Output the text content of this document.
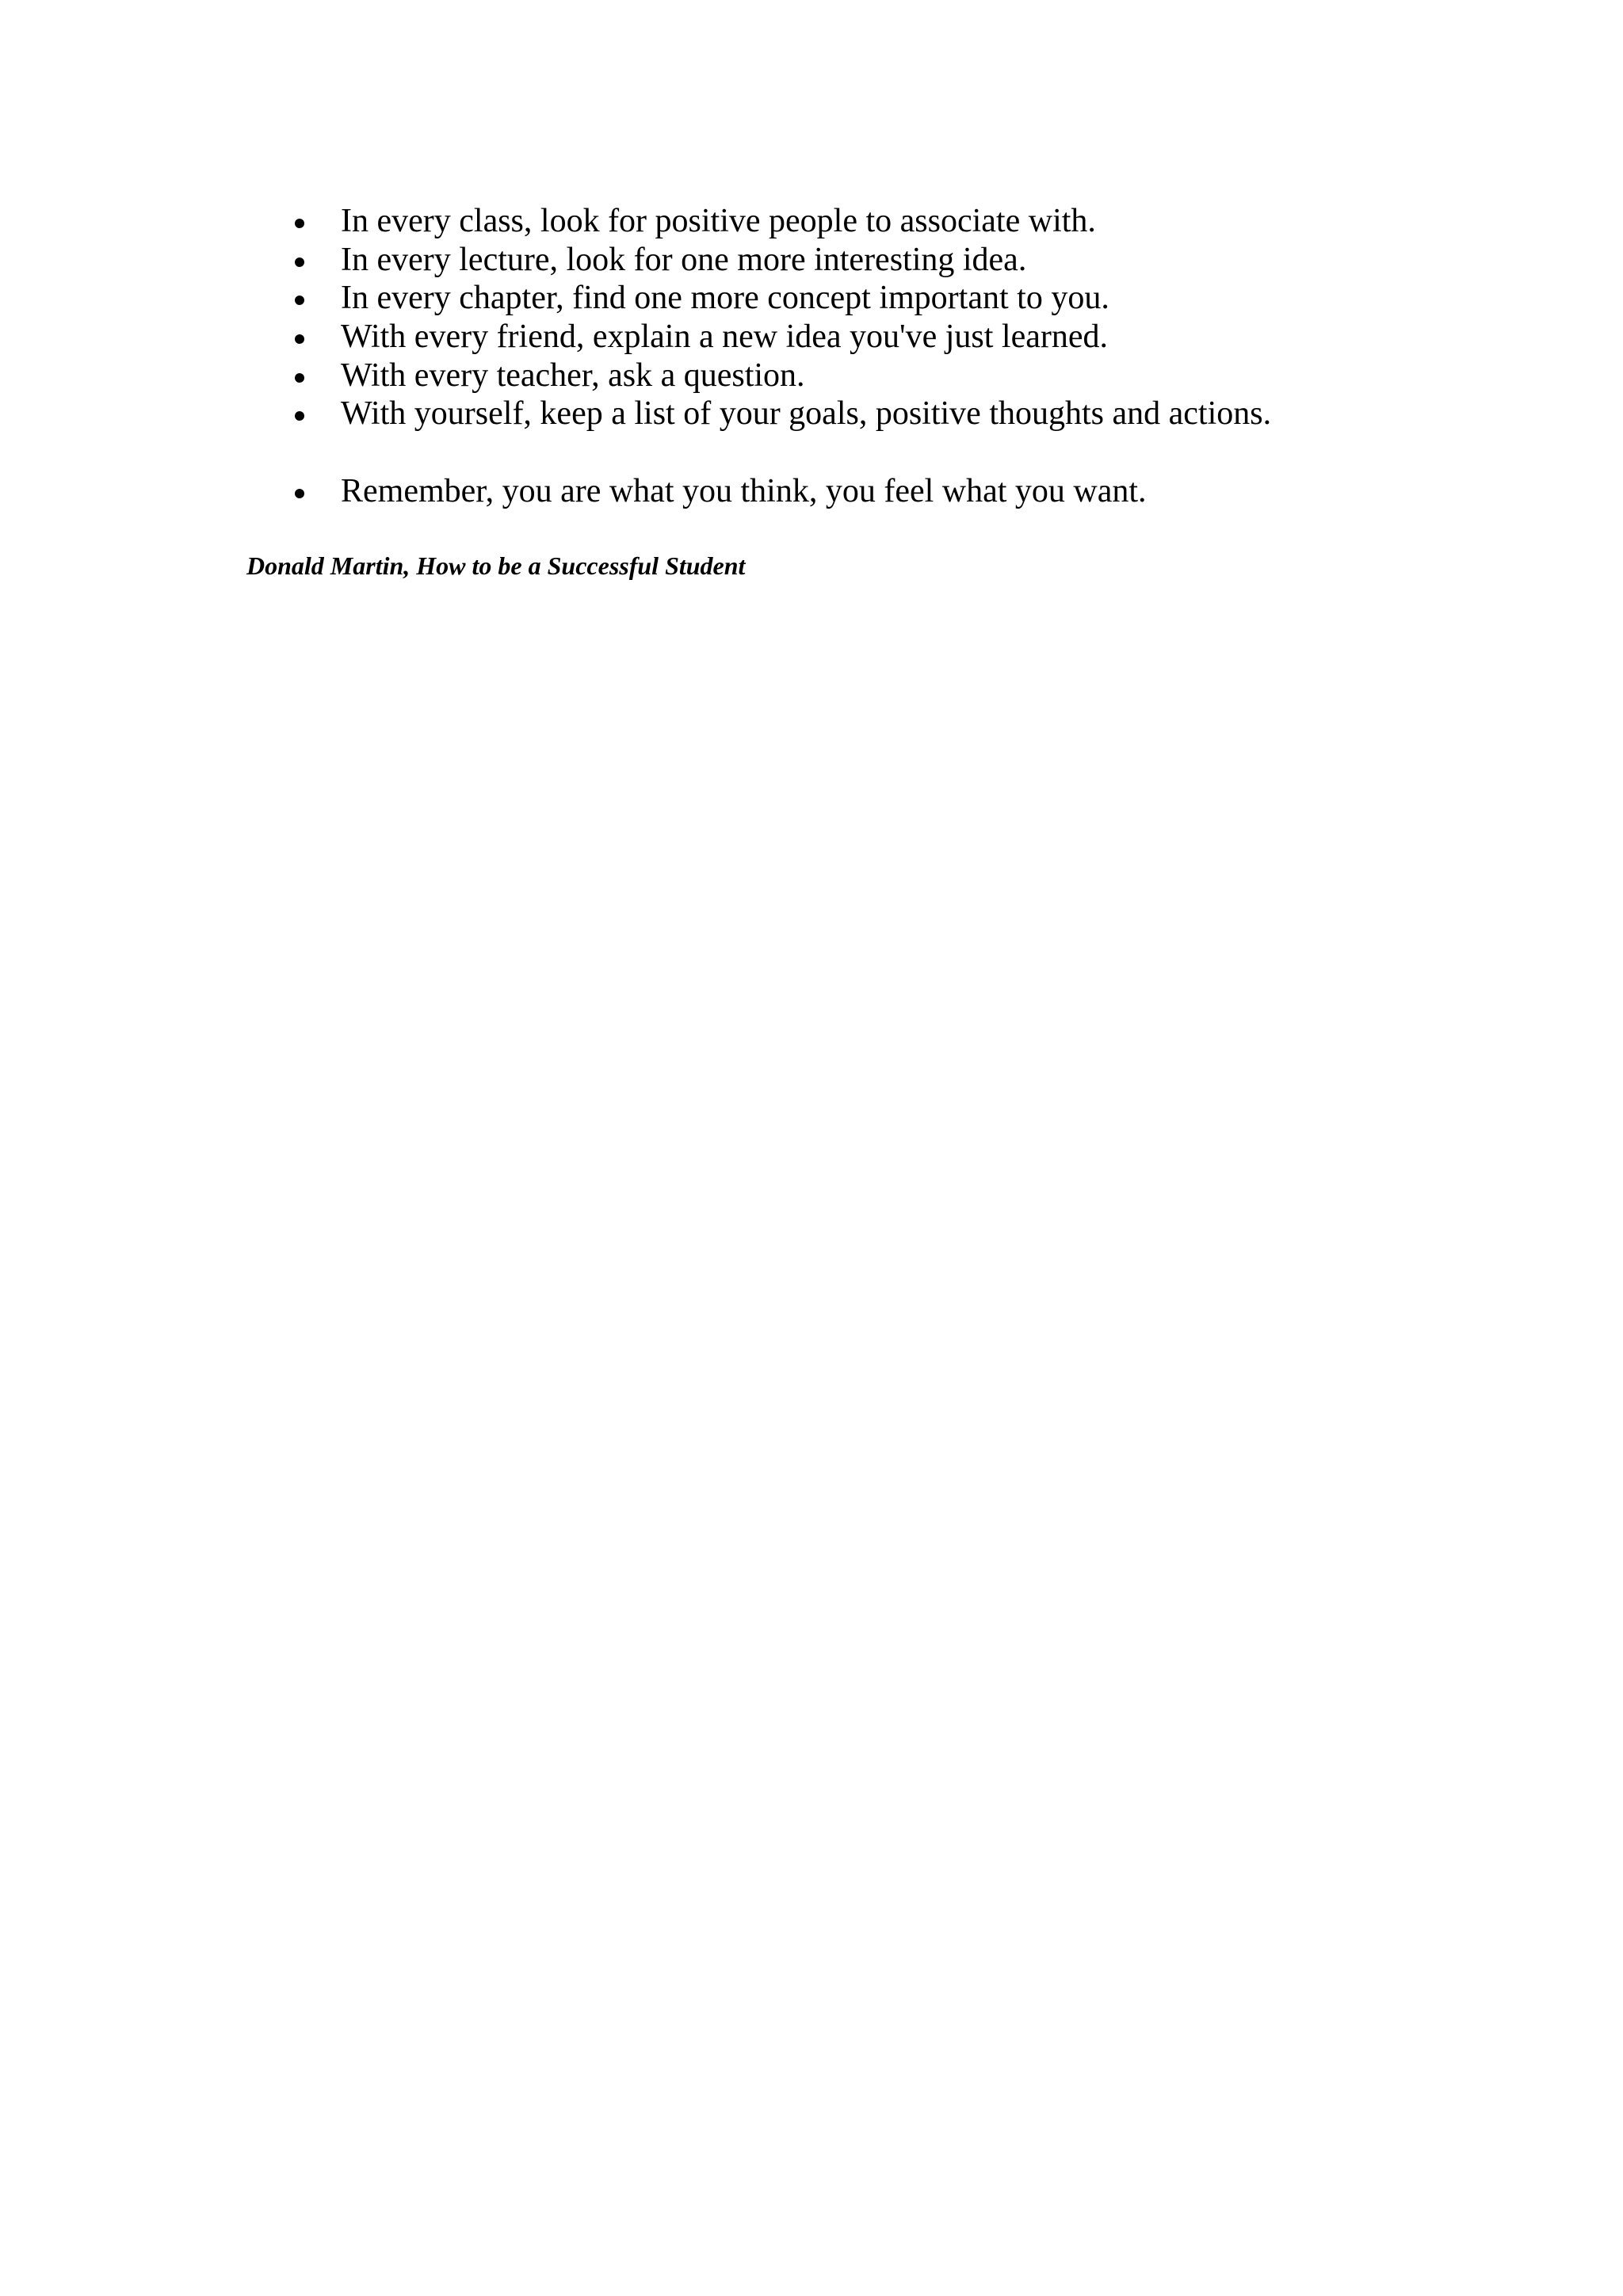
In every class, look for positive people to associate with.
In every lecture, look for one more interesting idea.
In every chapter, find one more concept important to you.
With every friend, explain a new idea you've just learned.
With every teacher, ask a question.
With yourself, keep a list of your goals, positive thoughts and actions.
Remember, you are what you think, you feel what you want.
Donald Martin, How to be a Successful Student
